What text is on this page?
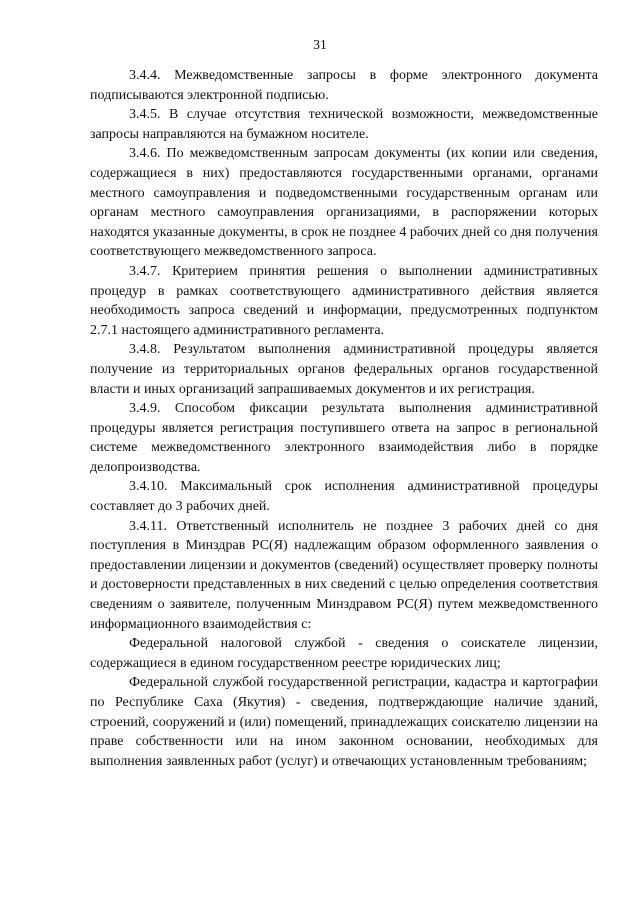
31

3.4.4. Межведомственные запросы в форме электронного документа подписываются электронной подписью.

3.4.5. В случае отсутствия технической возможности, межведомственные запросы направляются на бумажном носителе.

3.4.6. По межведомственным запросам документы (их копии или сведения, содержащиеся в них) предоставляются государственными органами, органами местного самоуправления и подведомственными государственным органам или органам местного самоуправления организациями, в распоряжении которых находятся указанные документы, в срок не позднее 4 рабочих дней со дня получения соответствующего межведомственного запроса.

3.4.7. Критерием принятия решения о выполнении административных процедур в рамках соответствующего административного действия является необходимость запроса сведений и информации, предусмотренных подпунктом 2.7.1 настоящего административного регламента.

3.4.8. Результатом выполнения административной процедуры является получение из территориальных органов федеральных органов государственной власти и иных организаций запрашиваемых документов и их регистрация.

3.4.9. Способом фиксации результата выполнения административной процедуры является регистрация поступившего ответа на запрос в региональной системе межведомственного электронного взаимодействия либо в порядке делопроизводства.

3.4.10. Максимальный срок исполнения административной процедуры составляет до 3 рабочих дней.

3.4.11. Ответственный исполнитель не позднее 3 рабочих дней со дня поступления в Минздрав РС(Я) надлежащим образом оформленного заявления о предоставлении лицензии и документов (сведений) осуществляет проверку полноты и достоверности представленных в них сведений с целью определения соответствия сведениям о заявителе, полученным Минздравом РС(Я) путем межведомственного информационного взаимодействия с:

Федеральной налоговой службой - сведения о соискателе лицензии, содержащиеся в едином государственном реестре юридических лиц;

Федеральной службой государственной регистрации, кадастра и картографии по Республике Саха (Якутия) - сведения, подтверждающие наличие зданий, строений, сооружений и (или) помещений, принадлежащих соискателю лицензии на праве собственности или на ином законном основании, необходимых для выполнения заявленных работ (услуг) и отвечающих установленным требованиям;
